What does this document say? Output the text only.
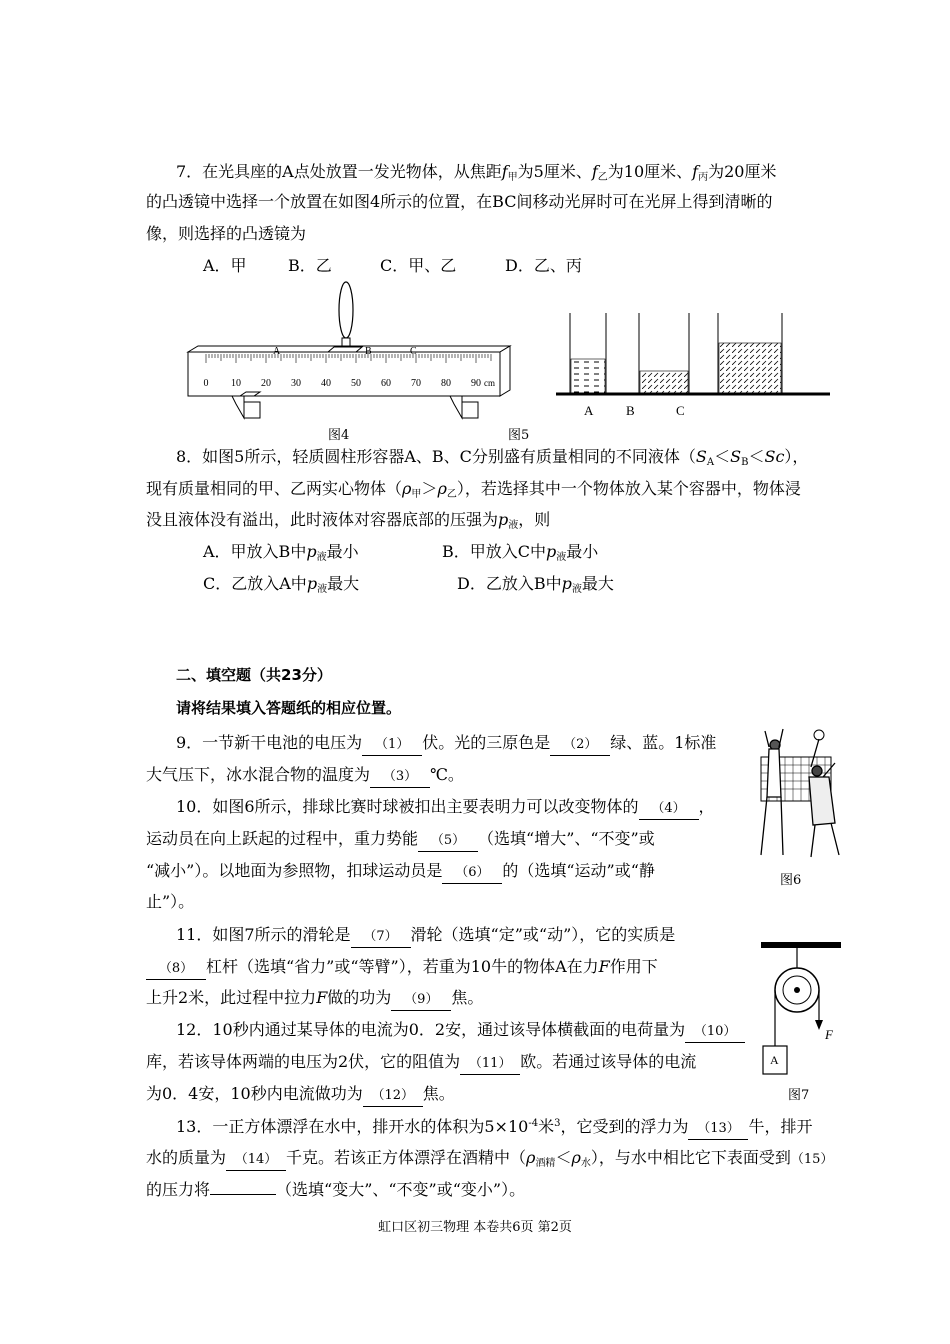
7．在光具座的A点处放置一发光物体，从焦距$f_甲$为5厘米、$f_乙$为10厘米、$f_丙$为20厘米
的凸透镜中选择一个放置在如图4所示的位置，在BC间移动光屏时可在光屏上得到清晰的
像，则选择的凸透镜为
A．甲	B．乙	C．甲、乙	D．乙、丙
0 10 20 30 40 50 60 70 80 90
A	B	C
cm
图4
A	B	C
图5
8．如图5所示，轻质圆柱形容器A、B、C分别盛有质量相同的不同液体$(S_A<S_B<Sc)$，
现有质量相同的甲、乙两实心物体$(\rho_甲>\rho_乙)$，若选择其中一个物体放入某个容器中，物体浸
没且液体没有溢出，此时液体对容器底部的压强为$p_液$，则
A．甲放入B中$p_液$最小	B．甲放入C中$p_液$最小
C．乙放入A中$p_液$最大	D．乙放入B中$p_液$最大
二、填空题（共23分）
请将结果填入答题纸的相应位置。
9．一节新干电池的电压为 （1） 伏。光的三原色是 （2） 绿、蓝。1标准
大气压下，冰水混合物的温度为 （3） ℃。
图6
10．如图6所示，排球比赛时球被扣出主要表明力可以改变物体的 （4） ，
运动员在向上跃起的过程中，重力势能 （5） （选填“增大”、“不变”或
“减小”）。以地面为参照物，扣球运动员是 （6） 的（选填“运动”或“静
止”）。
11．如图7所示的滑轮是 （7） 滑轮（选填“定”或“动”），它的实质是
（8） 杠杆（选填“省力”或“等臂”），若重为10牛的物体A在力F作用下
上升2米，此过程中拉力F做的功为 （9） 焦。
F
A
图7
12．10秒内通过某导体的电流为0．2安，通过该导体横截面的电荷量为 （10）
库，若该导体两端的电压为2伏，它的阻值为 （11） 欧。若通过该导体的电流
为0．4安，10秒内电流做功为 （12） 焦。
13．一正方体漂浮在水中，排开水的体积为$5\times 10^{-4}$米$^3$，它受到的浮力为 （13） 牛，排开
水的质量为 （14） 千克。若该正方体漂浮在酒精中$(\rho_{酒精}<\rho_水)$，与水中相比它下表面受到（15）
的压力将	（选填“变大”、“不变”或“变小”）。
虹口区初三物理 本卷共6页 第2页
